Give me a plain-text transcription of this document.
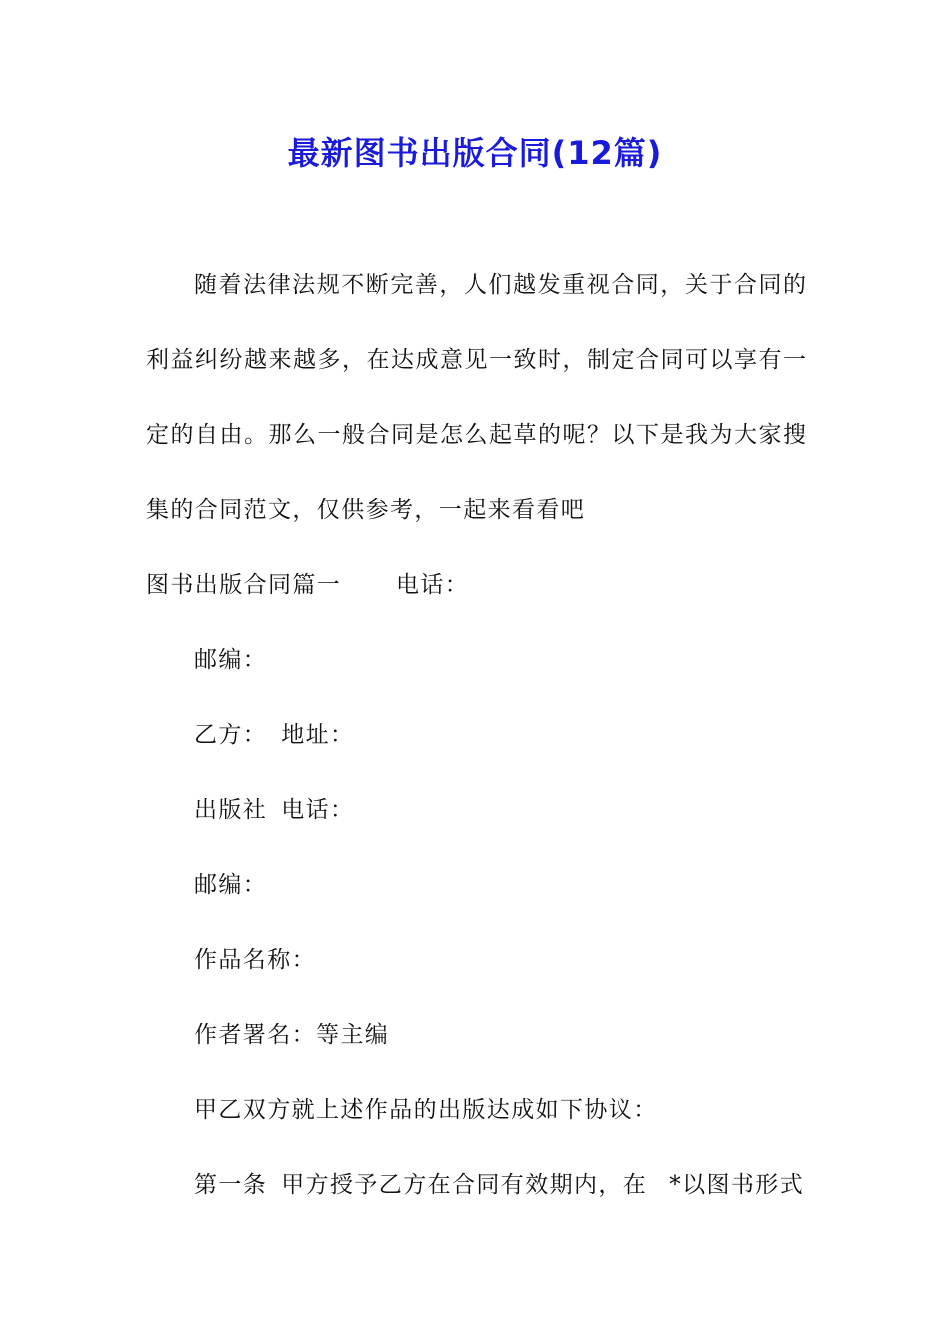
最新图书出版合同(12篇)
随着法律法规不断完善，人们越发重视合同，关于合同的
利益纠纷越来越多，在达成意见一致时，制定合同可以享有一
定的自由。那么一般合同是怎么起草的呢？以下是我为大家搜
集的合同范文，仅供参考，一起来看看吧
图书出版合同篇一 电话：
邮编：
乙方： 地址：
出版社 电话：
邮编：
作品名称：
作者署名：等主编
甲乙双方就上述作品的出版达成如下协议：
第一条 甲方授予乙方在合同有效期内，在 *以图书形式
